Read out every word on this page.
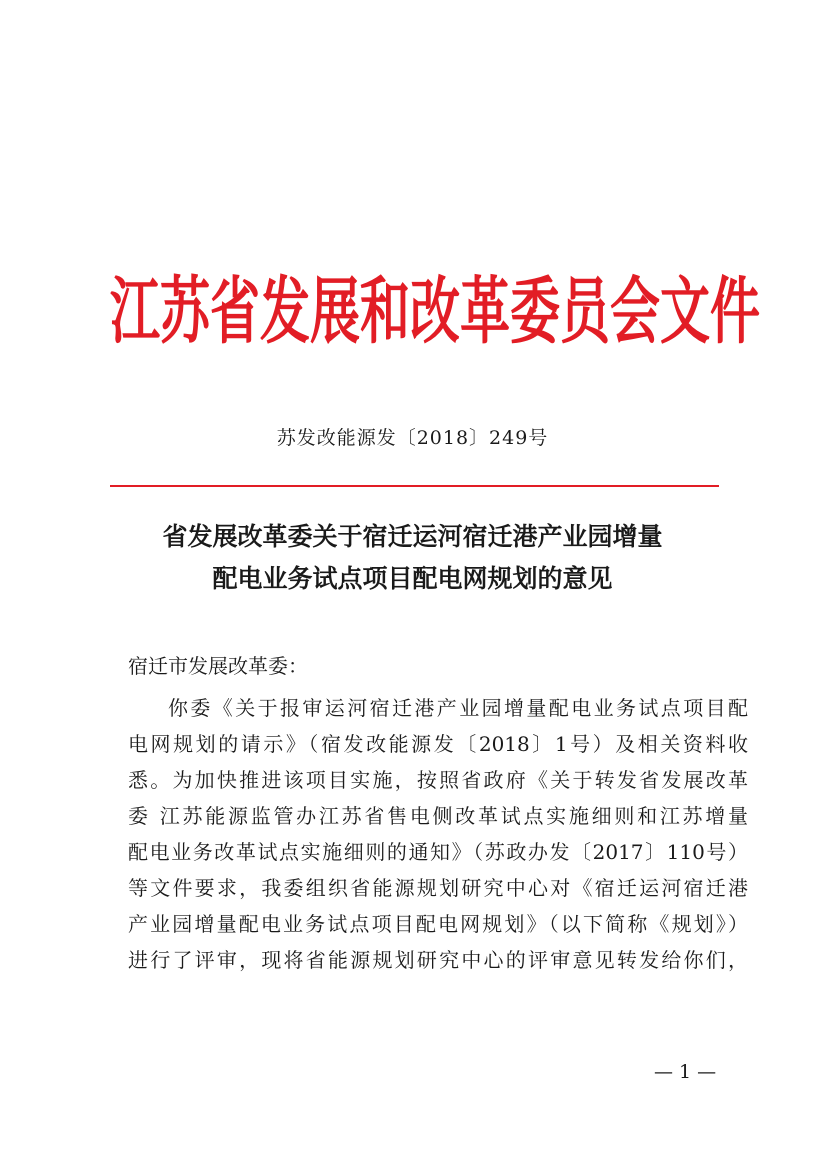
江苏省发展和改革委员会文件
苏发改能源发〔2018〕249号
省发展改革委关于宿迁运河宿迁港产业园增量
配电业务试点项目配电网规划的意见
宿迁市发展改革委：
你委《关于报审运河宿迁港产业园增量配电业务试点项目配
电网规划的请示》（宿发改能源发〔2018〕1号）及相关资料收
悉。为加快推进该项目实施，按照省政府《关于转发省发展改革
委 江苏能源监管办江苏省售电侧改革试点实施细则和江苏增量
配电业务改革试点实施细则的通知》（苏政办发〔2017〕110号）
等文件要求，我委组织省能源规划研究中心对《宿迁运河宿迁港
产业园增量配电业务试点项目配电网规划》（以下简称《规划》）
进行了评审，现将省能源规划研究中心的评审意见转发给你们，
— 1 —
